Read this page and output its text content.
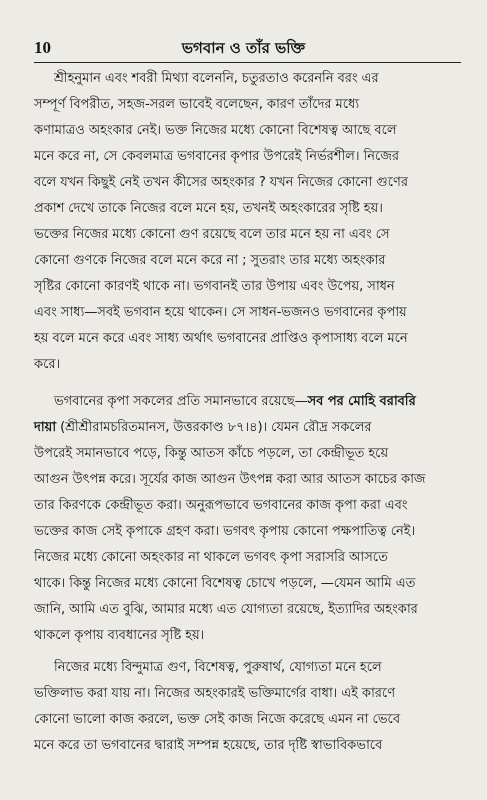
10	ভগবান ও তাঁর ভক্তি
শ্রীহনুমান এবং শবরী মিথ্যা বলেননি, চতুরতাও করেননি বরং এর
সম্পূর্ণ বিপরীত, সহজ-সরল ভাবেই বলেছেন, কারণ তাঁদের মধ্যে
কণামাত্রও অহংকার নেই। ভক্ত নিজের মধ্যে কোনো বিশেষত্ব আছে বলে
মনে করে না, সে কেবলমাত্র ভগবানের কৃপার উপরেই নির্ভরশীল। নিজের
বলে যখন কিছুই নেই তখন কীসের অহংকার ? যখন নিজের কোনো গুণের
প্রকাশ দেখে তাকে নিজের বলে মনে হয়, তখনই অহংকারের সৃষ্টি হয়।
ভক্তের নিজের মধ্যে কোনো গুণ রয়েছে বলে তার মনে হয় না এবং সে
কোনো গুণকে নিজের বলে মনে করে না ; সুতরাং তার মধ্যে অহংকার
সৃষ্টির কোনো কারণই থাকে না। ভগবানই তার উপায় এবং উপেয়, সাধন
এবং সাধ্য—সবই ভগবান হয়ে থাকেন। সে সাধন-ভজনও ভগবানের কৃপায়
হয় বলে মনে করে এবং সাধ্য অর্থাৎ ভগবানের প্রাপ্তিও কৃপাসাধ্য বলে মনে
করে।
ভগবানের কৃপা সকলের প্রতি সমানভাবে রয়েছে—সব পর মোহি বরাবরি
দায়া (শ্রীশ্রীরামচরিতমানস, উত্তরকাণ্ড ৮৭।৪)। যেমন রৌদ্র সকলের
উপরেই সমানভাবে পড়ে, কিন্তু আতস কাঁচে পড়লে, তা কেন্দ্রীভূত হয়ে
আগুন উৎপন্ন করে। সূর্যের কাজ আগুন উৎপন্ন করা আর আতস কাচের কাজ
তার কিরণকে কেন্দ্রীভূত করা। অনুরূপভাবে ভগবানের কাজ কৃপা করা এবং
ভক্তের কাজ সেই কৃপাকে গ্রহণ করা। ভগবৎ কৃপায় কোনো পক্ষপাতিত্ব নেই।
নিজের মধ্যে কোনো অহংকার না থাকলে ভগবৎ কৃপা সরাসরি আসতে
থাকে। কিন্তু নিজের মধ্যে কোনো বিশেষত্ব চোখে পড়লে, —যেমন আমি এত
জানি, আমি এত বুঝি, আমার মধ্যে এত যোগ্যতা রয়েছে, ইত্যাদির অহংকার
থাকলে কৃপায় ব্যবধানের সৃষ্টি হয়।
নিজের মধ্যে বিন্দুমাত্র গুণ, বিশেষত্ব, পুরুষার্থ, যোগ্যতা মনে হলে
ভক্তিলাভ করা যায় না। নিজের অহংকারই ভক্তিমার্গের বাধা। এই কারণে
কোনো ভালো কাজ করলে, ভক্ত সেই কাজ নিজে করেছে এমন না ভেবে
মনে করে তা ভগবানের দ্বারাই সম্পন্ন হয়েছে, তার দৃষ্টি স্বাভাবিকভাবে
